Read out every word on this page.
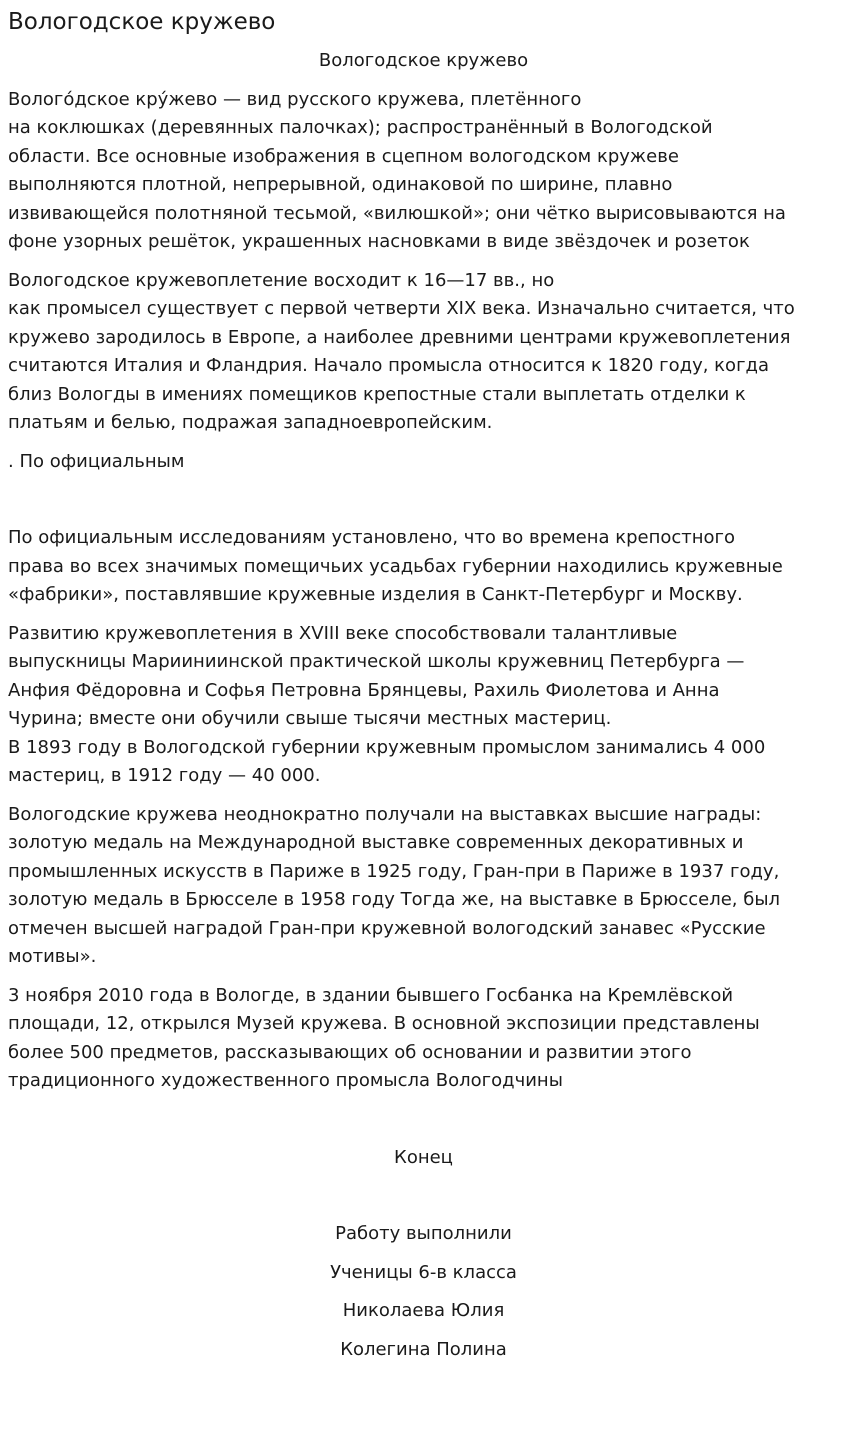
Вологодское кружево

Вологодское кружево

Волого́дское кру́жево — вид русского кружева, плетённого
на коклюшках (деревянных палочках); распространённый в Вологодской
области. Все основные изображения в сцепном вологодском кружеве
выполняются плотной, непрерывной, одинаковой по ширине, плавно
извивающейся полотняной тесьмой, «вилюшкой»; они чётко вырисовываются на
фоне узорных решёток, украшенных насновками в виде звёздочек и розеток

Вологодское кружевоплетение восходит к 16—17 вв., но
как промысел существует с первой четверти XIX века. Изначально считается, что
кружево зародилось в Европе, а наиболее древними центрами кружевоплетения
считаются Италия и Фландрия. Начало промысла относится к 1820 году, когда
близ Вологды в имениях помещиков крепостные стали выплетать отделки к
платьям и белью, подражая западноевропейским.

. По официальным

По официальным исследованиям установлено, что во времена крепостного
права во всех значимых помещичьих усадьбах губернии находились кружевные
«фабрики», поставлявшие кружевные изделия в Санкт-Петербург и Москву.

Развитию кружевоплетения в XVIII веке способствовали талантливые
выпускницы Марииниинской практической школы кружевниц Петербурга —
Анфия Фёдоровна и Софья Петровна Брянцевы, Рахиль Фиолетова и Анна
Чурина; вместе они обучили свыше тысячи местных мастериц.
В 1893 году в Вологодской губернии кружевным промыслом занимались 4 000
мастериц, в 1912 году — 40 000.

Вологодские кружева неоднократно получали на выставках высшие награды:
золотую медаль на Международной выставке современных декоративных и
промышленных искусств в Париже в 1925 году, Гран-при в Париже в 1937 году,
золотую медаль в Брюсселе в 1958 году Тогда же, на выставке в Брюсселе, был
отмечен высшей наградой Гран-при кружевной вологодский занавес «Русские
мотивы».

3 ноября 2010 года в Вологде, в здании бывшего Госбанка на Кремлёвской
площади, 12, открылся Музей кружева. В основной экспозиции представлены
более 500 предметов, рассказывающих об основании и развитии этого
традиционного художественного промысла Вологодчины

Конец

Работу выполнили

Ученицы 6-в класса

Николаева Юлия

Колегина Полина
